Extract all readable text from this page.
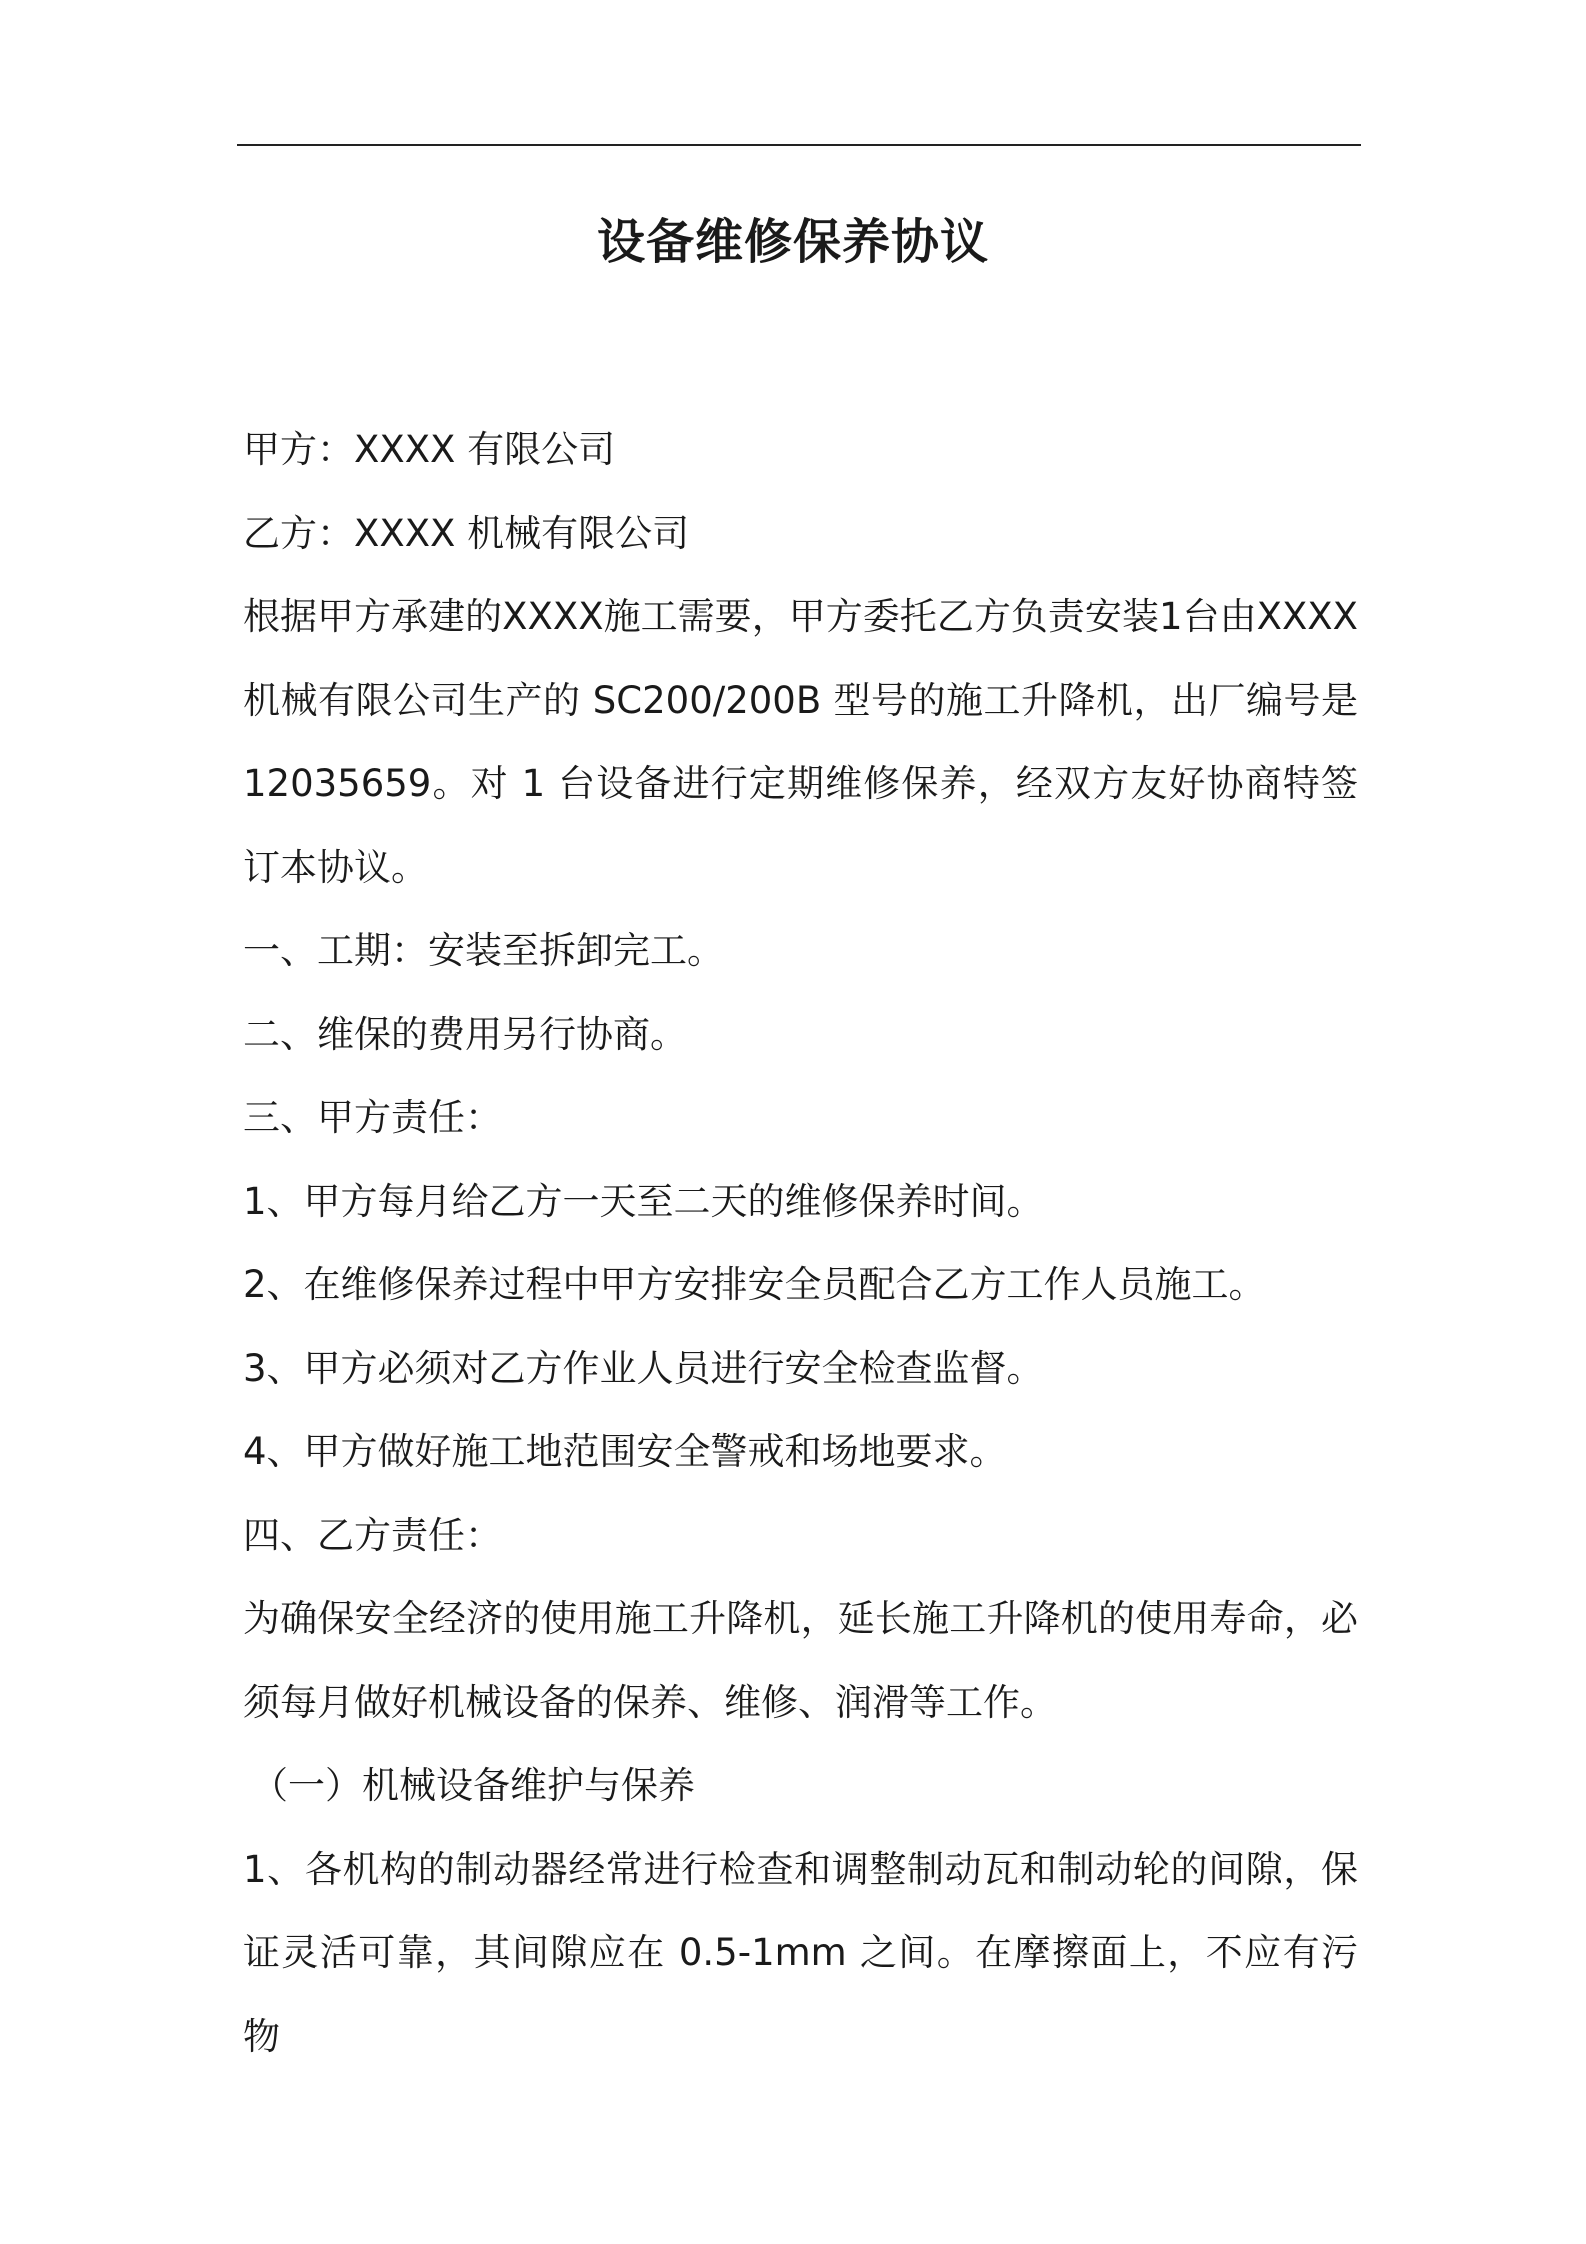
设备维修保养协议

甲方：XXXX 有限公司

乙方：XXXX 机械有限公司

根据甲方承建的XXXX施工需要，甲方委托乙方负责安装1台由XXXX机械有限公司生产的 SC200/200B 型号的施工升降机，出厂编号是12035659。对 1 台设备进行定期维修保养，经双方友好协商特签订本协议。

一、工期：安装至拆卸完工。

二、维保的费用另行协商。

三、甲方责任：

1、甲方每月给乙方一天至二天的维修保养时间。

2、在维修保养过程中甲方安排安全员配合乙方工作人员施工。

3、甲方必须对乙方作业人员进行安全检查监督。

4、甲方做好施工地范围安全警戒和场地要求。

四、乙方责任：

为确保安全经济的使用施工升降机，延长施工升降机的使用寿命，必须每月做好机械设备的保养、维修、润滑等工作。

（一）机械设备维护与保养

1、各机构的制动器经常进行检查和调整制动瓦和制动轮的间隙，保证灵活可靠，其间隙应在 0.5-1mm 之间。在摩擦面上，不应有污物
